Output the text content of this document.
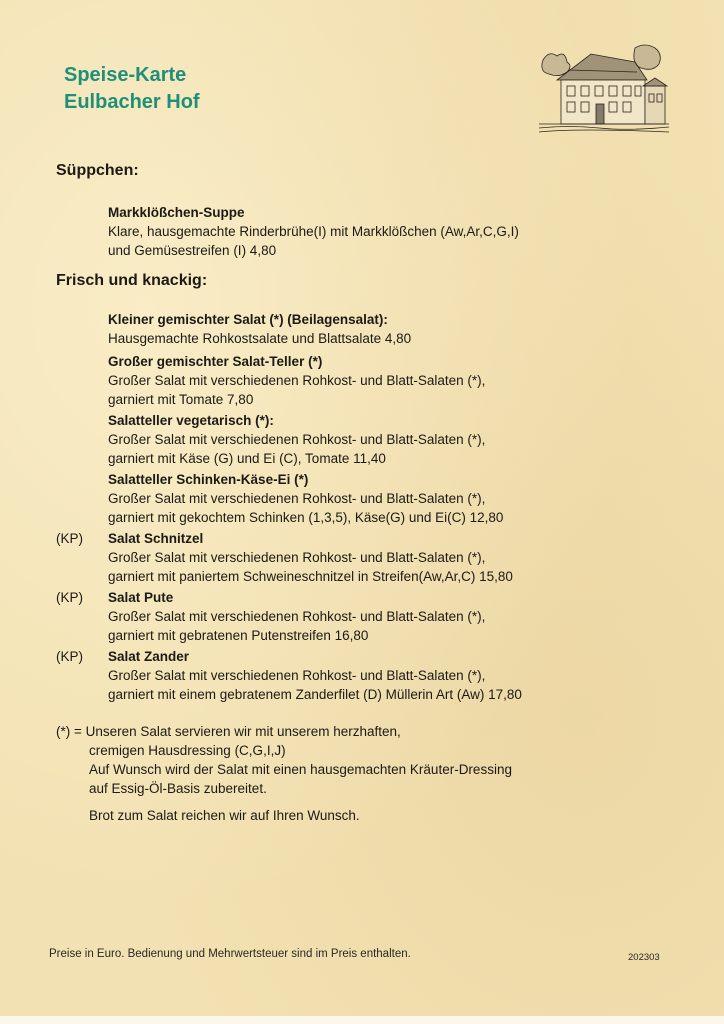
Speise-Karte
Eulbacher Hof
Süppchen:
Markklößchen-Suppe
Klare, hausgemachte Rinderbrühe(I) mit Markklößchen (Aw,Ar,C,G,I)
und Gemüsestreifen (I) 4,80
Frisch und knackig:
Kleiner gemischter Salat (*) (Beilagensalat):
Hausgemachte Rohkostsalate und Blattsalate 4,80
Großer gemischter Salat-Teller (*)
Großer Salat mit verschiedenen Rohkost- und Blatt-Salaten (*),
garniert mit Tomate 7,80
Salatteller vegetarisch (*):
Großer Salat mit verschiedenen Rohkost- und Blatt-Salaten (*),
garniert mit Käse (G) und Ei (C), Tomate 11,40
Salatteller Schinken-Käse-Ei (*)
Großer Salat mit verschiedenen Rohkost- und Blatt-Salaten (*),
garniert mit gekochtem Schinken (1,3,5), Käse(G) und Ei(C) 12,80
(KP) Salat Schnitzel
Großer Salat mit verschiedenen Rohkost- und Blatt-Salaten (*),
garniert mit paniertem Schweineschnitzel in Streifen(Aw,Ar,C) 15,80
(KP) Salat Pute
Großer Salat mit verschiedenen Rohkost- und Blatt-Salaten (*),
garniert mit gebratenen Putenstreifen 16,80
(KP) Salat Zander
Großer Salat mit verschiedenen Rohkost- und Blatt-Salaten (*),
garniert mit einem gebratenem Zanderfilet (D) Müllerin Art (Aw) 17,80
(*) = Unseren Salat servieren wir mit unserem herzhaften,
cremigen Hausdressing (C,G,I,J)
Auf Wunsch wird der Salat mit einen hausgemachten Kräuter-Dressing
auf Essig-Öl-Basis zubereitet.
Brot zum Salat reichen wir auf Ihren Wunsch.
Preise in Euro. Bedienung und Mehrwertsteuer sind im Preis enthalten.	202303
